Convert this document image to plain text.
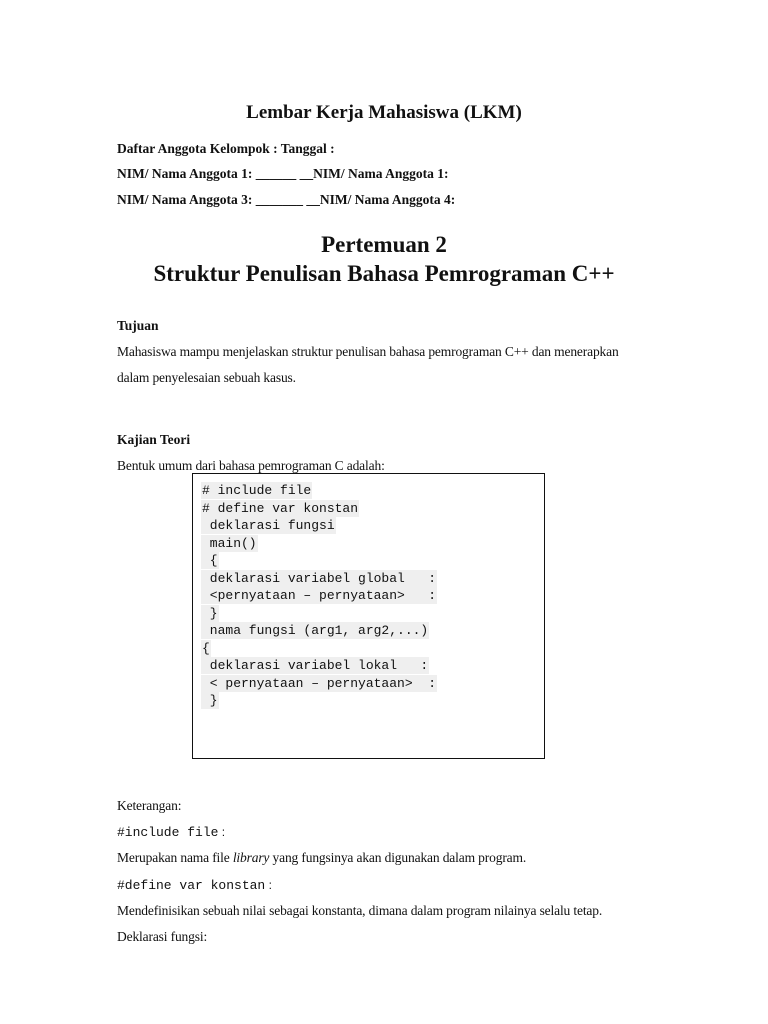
Lembar Kerja Mahasiswa (LKM)
Daftar Anggota Kelompok : Tanggal :
NIM/ Nama Anggota 1: ______ __NIM/ Nama Anggota 1:
NIM/ Nama Anggota 3: _______ __NIM/ Nama Anggota 4:
Pertemuan 2
Struktur Penulisan Bahasa Pemrograman C++
Tujuan
Mahasiswa mampu menjelaskan struktur penulisan bahasa pemrograman C++ dan menerapkan
dalam penyelesaian sebuah kasus.
Kajian Teori
Bentuk umum dari bahasa pemrograman C adalah:
# include file
# define var konstan
deklarasi fungsi
main()
{
deklarasi variabel global   :
<pernyataan – pernyataan>   :
}
nama fungsi (arg1, arg2,...)
{
deklarasi variabel lokal   :
< pernyataan – pernyataan>  :
}
Keterangan:
#include file :
Merupakan nama file library yang fungsinya akan digunakan dalam program.
#define var konstan :
Mendefinisikan sebuah nilai sebagai konstanta, dimana dalam program nilainya selalu tetap.
Deklarasi fungsi:
